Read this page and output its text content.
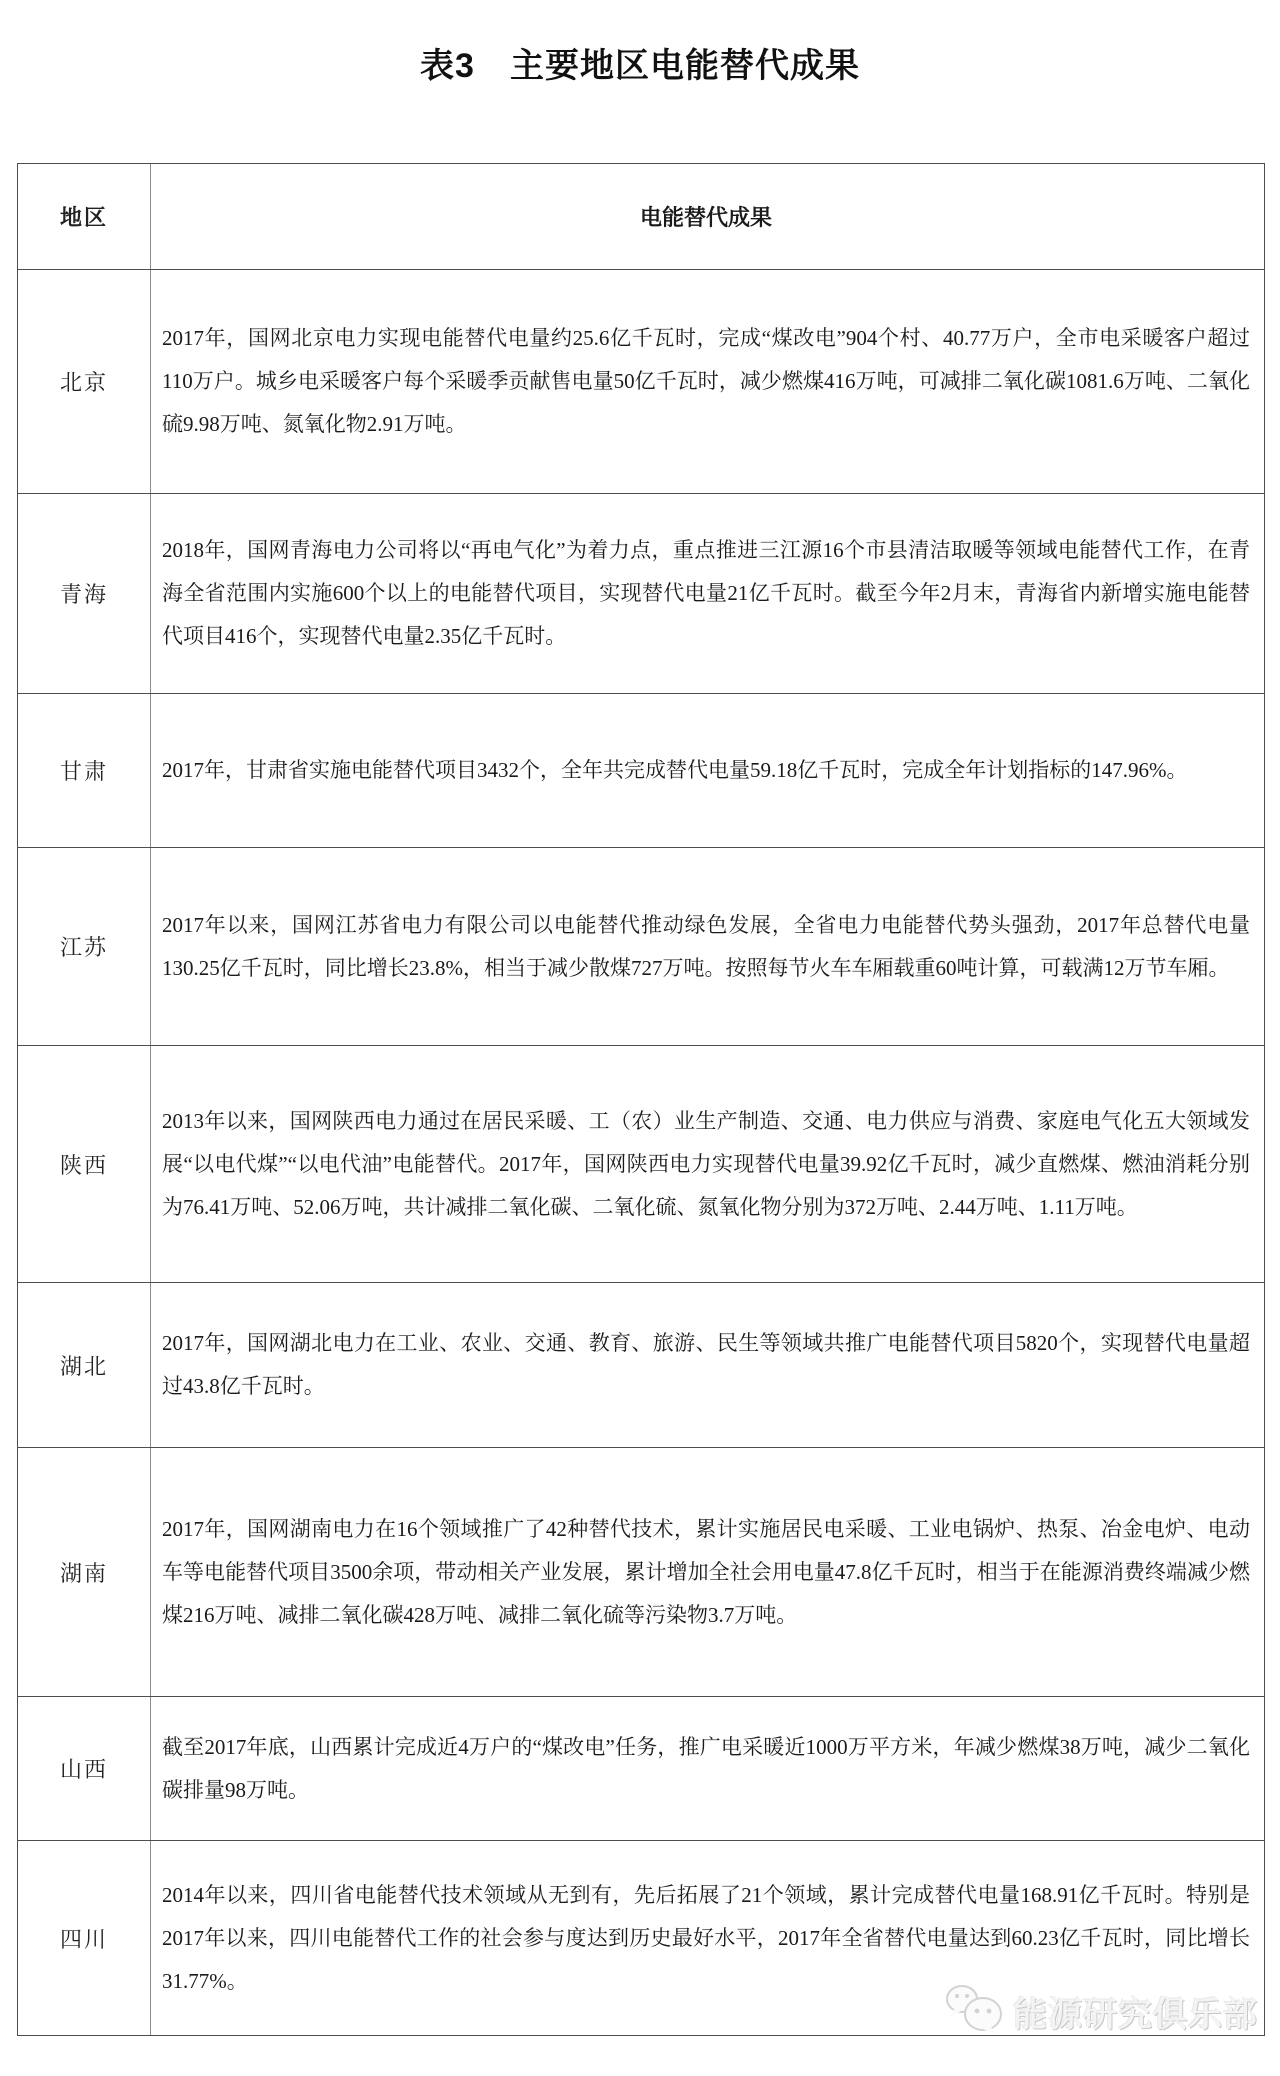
表3　主要地区电能替代成果
地区	电能替代成果
北京

2017年，国网北京电力实现电能替代电量约25.6亿千瓦时，完成“煤改电”904个村、40.77万户，全市电采暖客户超过110万户。城乡电采暖客户每个采暖季贡献售电量50亿千瓦时，减少燃煤416万吨，可减排二氧化碳1081.6万吨、二氧化硫9.98万吨、氮氧化物2.91万吨。

青海

2018年，国网青海电力公司将以“再电气化”为着力点，重点推进三江源16个市县清洁取暖等领域电能替代工作，在青海全省范围内实施600个以上的电能替代项目，实现替代电量21亿千瓦时。截至今年2月末，青海省内新增实施电能替代项目416个，实现替代电量2.35亿千瓦时。

甘肃	2017年，甘肃省实施电能替代项目3432个，全年共完成替代电量59.18亿千瓦时，完成全年计划指标的147.96%。

江苏

2017年以来，国网江苏省电力有限公司以电能替代推动绿色发展，全省电力电能替代势头强劲，2017年总替代电量130.25亿千瓦时，同比增长23.8%，相当于减少散煤727万吨。按照每节火车车厢载重60吨计算，可载满12万节车厢。

陕西

2013年以来，国网陕西电力通过在居民采暖、工（农）业生产制造、交通、电力供应与消费、家庭电气化五大领域发展“以电代煤”“以电代油”电能替代。2017年，国网陕西电力实现替代电量39.92亿千瓦时，减少直燃煤、燃油消耗分别为76.41万吨、52.06万吨，共计减排二氧化碳、二氧化硫、氮氧化物分别为372万吨、2.44万吨、1.11万吨。

湖北

2017年，国网湖北电力在工业、农业、交通、教育、旅游、民生等领域共推广电能替代项目5820个，实现替代电量超过43.8亿千瓦时。

湖南

2017年，国网湖南电力在16个领域推广了42种替代技术，累计实施居民电采暖、工业电锅炉、热泵、冶金电炉、电动车等电能替代项目3500余项，带动相关产业发展，累计增加全社会用电量47.8亿千瓦时，相当于在能源消费终端减少燃煤216万吨、减排二氧化碳428万吨、减排二氧化硫等污染物3.7万吨。

山西

截至2017年底，山西累计完成近4万户的“煤改电”任务，推广电采暖近1000万平方米，年减少燃煤38万吨，减少二氧化碳排量98万吨。

四川

2014年以来，四川省电能替代技术领域从无到有，先后拓展了21个领域，累计完成替代电量168.91亿千瓦时。特别是2017年以来，四川电能替代工作的社会参与度达到历史最好水平，2017年全省替代电量达到60.23亿千瓦时，同比增长31.77%。

能源研究俱乐部
